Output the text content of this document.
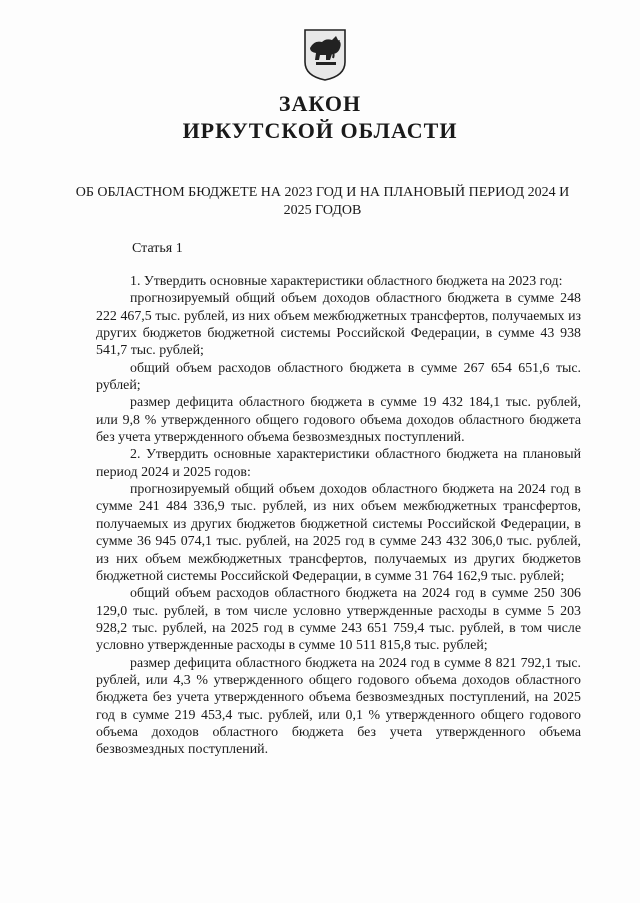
ЗАКОН
ИРКУТСКОЙ ОБЛАСТИ
ОБ ОБЛАСТНОМ БЮДЖЕТЕ НА 2023 ГОД И НА ПЛАНОВЫЙ ПЕРИОД 2024 И 2025 ГОДОВ
Статья 1

1. Утвердить основные характеристики областного бюджета на 2023 год:

прогнозируемый общий объем доходов областного бюджета в сумме 248 222 467,5 тыс. рублей, из них объем межбюджетных трансфертов, получаемых из других бюджетов бюджетной системы Российской Федерации, в сумме 43 938 541,7 тыс. рублей;

общий объем расходов областного бюджета в сумме 267 654 651,6 тыс. рублей;

размер дефицита областного бюджета в сумме 19 432 184,1 тыс. рублей, или 9,8 % утвержденного общего годового объема доходов областного бюджета без учета утвержденного объема безвозмездных поступлений.

2. Утвердить основные характеристики областного бюджета на плановый период 2024 и 2025 годов:

прогнозируемый общий объем доходов областного бюджета на 2024 год в сумме 241 484 336,9 тыс. рублей, из них объем межбюджетных трансфертов, получаемых из других бюджетов бюджетной системы Российской Федерации, в сумме 36 945 074,1 тыс. рублей, на 2025 год в сумме 243 432 306,0 тыс. рублей, из них объем межбюджетных трансфертов, получаемых из других бюджетов бюджетной системы Российской Федерации, в сумме 31 764 162,9 тыс. рублей;

общий объем расходов областного бюджета на 2024 год в сумме 250 306 129,0 тыс. рублей, в том числе условно утвержденные расходы в сумме 5 203 928,2 тыс. рублей, на 2025 год в сумме 243 651 759,4 тыс. рублей, в том числе условно утвержденные расходы в сумме 10 511 815,8 тыс. рублей;

размер дефицита областного бюджета на 2024 год в сумме 8 821 792,1 тыс. рублей, или 4,3 % утвержденного общего годового объема доходов областного бюджета без учета утвержденного объема безвозмездных поступлений, на 2025 год в сумме 219 453,4 тыс. рублей, или 0,1 % утвержденного общего годового объема доходов областного бюджета без учета утвержденного объема безвозмездных поступлений.
